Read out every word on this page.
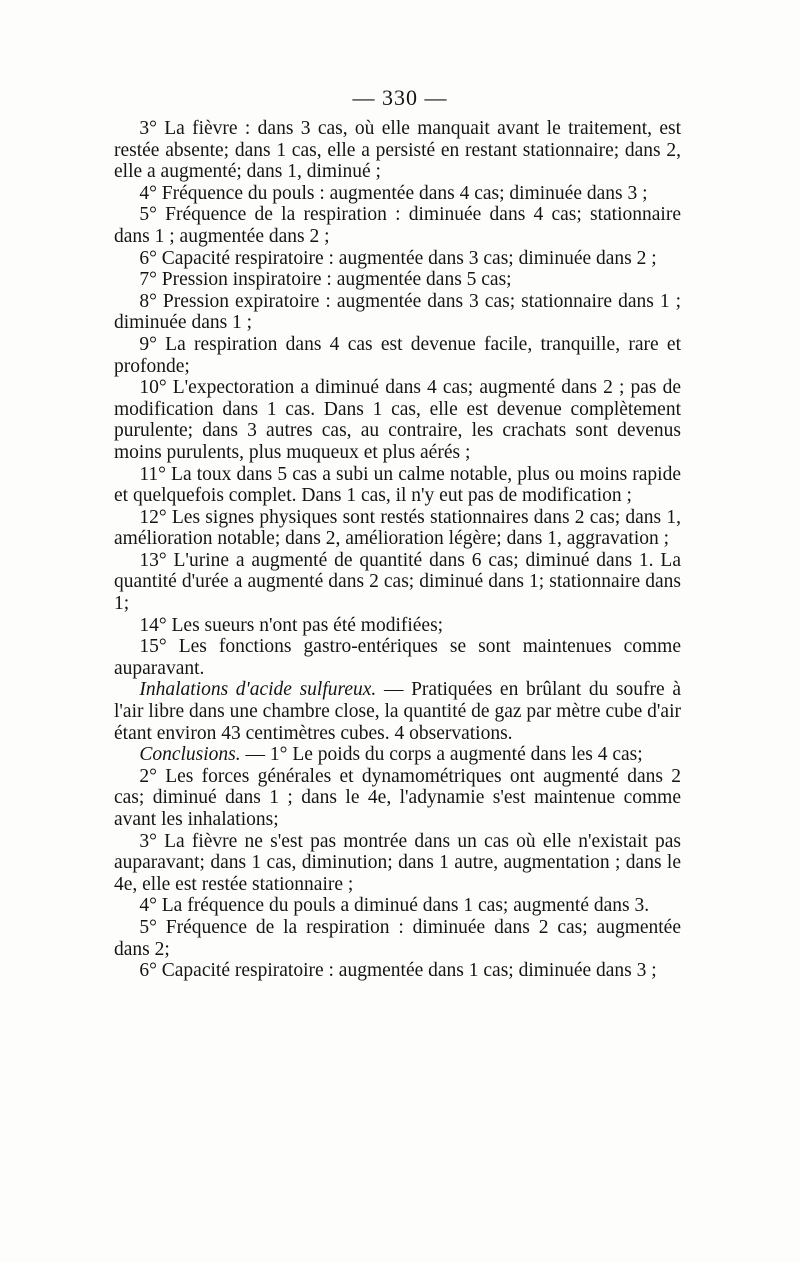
— 330 —

3° La fièvre : dans 3 cas, où elle manquait avant le traitement, est restée absente; dans 1 cas, elle a persisté en restant stationnaire; dans 2, elle a augmenté; dans 1, diminué ;

4° Fréquence du pouls : augmentée dans 4 cas; diminuée dans 3 ;

5° Fréquence de la respiration : diminuée dans 4 cas; stationnaire dans 1 ; augmentée dans 2 ;

6° Capacité respiratoire : augmentée dans 3 cas; diminuée dans 2 ;

7° Pression inspiratoire : augmentée dans 5 cas;

8° Pression expiratoire : augmentée dans 3 cas; stationnaire dans 1 ; diminuée dans 1 ;

9° La respiration dans 4 cas est devenue facile, tranquille, rare et profonde;

10° L'expectoration a diminué dans 4 cas; augmenté dans 2 ; pas de modification dans 1 cas. Dans 1 cas, elle est devenue complètement purulente; dans 3 autres cas, au contraire, les crachats sont devenus moins purulents, plus muqueux et plus aérés ;

11° La toux dans 5 cas a subi un calme notable, plus ou moins rapide et quelquefois complet. Dans 1 cas, il n'y eut pas de modification ;

12° Les signes physiques sont restés stationnaires dans 2 cas; dans 1, amélioration notable; dans 2, amélioration légère; dans 1, aggravation ;

13° L'urine a augmenté de quantité dans 6 cas; diminué dans 1. La quantité d'urée a augmenté dans 2 cas; diminué dans 1; stationnaire dans 1;

14° Les sueurs n'ont pas été modifiées;

15° Les fonctions gastro-entériques se sont maintenues comme auparavant.

Inhalations d'acide sulfureux. — Pratiquées en brûlant du soufre à l'air libre dans une chambre close, la quantité de gaz par mètre cube d'air étant environ 43 centimètres cubes. 4 observations.

Conclusions. — 1° Le poids du corps a augmenté dans les 4 cas;

2° Les forces générales et dynamométriques ont augmenté dans 2 cas; diminué dans 1 ; dans le 4e, l'adynamie s'est maintenue comme avant les inhalations;

3° La fièvre ne s'est pas montrée dans un cas où elle n'existait pas auparavant; dans 1 cas, diminution; dans 1 autre, augmentation ; dans le 4e, elle est restée stationnaire ;

4° La fréquence du pouls a diminué dans 1 cas; augmenté dans 3.

5° Fréquence de la respiration : diminuée dans 2 cas; augmentée dans 2;

6° Capacité respiratoire : augmentée dans 1 cas; diminuée dans 3 ;
